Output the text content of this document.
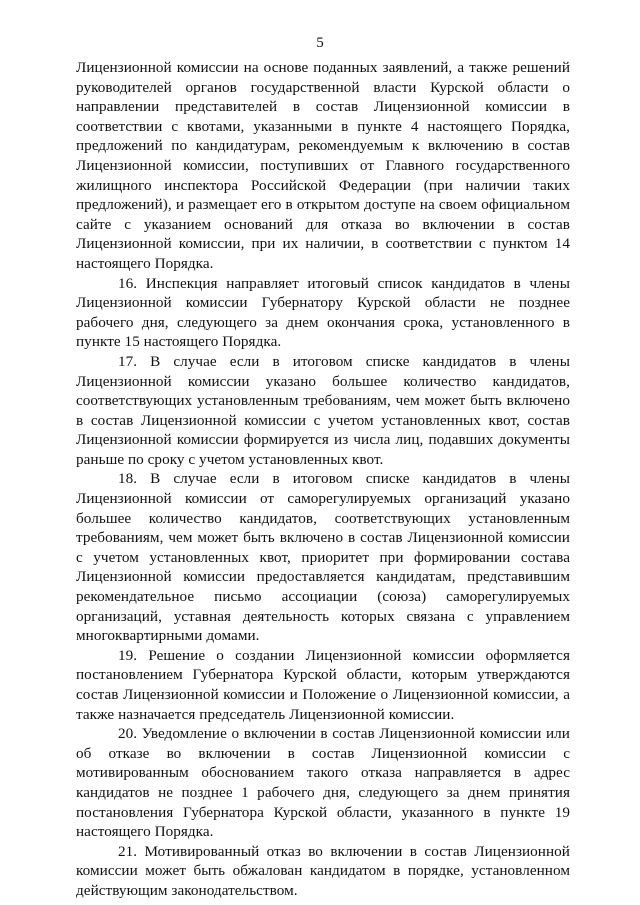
5

Лицензионной комиссии на основе поданных заявлений, а также решений руководителей органов государственной власти Курской области о направлении представителей в состав Лицензионной комиссии в соответствии с квотами, указанными в пункте 4 настоящего Порядка, предложений по кандидатурам, рекомендуемым к включению в состав Лицензионной комиссии, поступивших от Главного государственного жилищного инспектора Российской Федерации (при наличии таких предложений), и размещает его в открытом доступе на своем официальном сайте с указанием оснований для отказа во включении в состав Лицензионной комиссии, при их наличии, в соответствии с пунктом 14 настоящего Порядка.

16. Инспекция направляет итоговый список кандидатов в члены Лицензионной комиссии Губернатору Курской области не позднее рабочего дня, следующего за днем окончания срока, установленного в пункте 15 настоящего Порядка.

17. В случае если в итоговом списке кандидатов в члены Лицензионной комиссии указано большее количество кандидатов, соответствующих установленным требованиям, чем может быть включено в состав Лицензионной комиссии с учетом установленных квот, состав Лицензионной комиссии формируется из числа лиц, подавших документы раньше по сроку с учетом установленных квот.

18. В случае если в итоговом списке кандидатов в члены Лицензионной комиссии от саморегулируемых организаций указано большее количество кандидатов, соответствующих установленным требованиям, чем может быть включено в состав Лицензионной комиссии с учетом установленных квот, приоритет при формировании состава Лицензионной комиссии предоставляется кандидатам, представившим рекомендательное письмо ассоциации (союза) саморегулируемых организаций, уставная деятельность которых связана с управлением многоквартирными домами.

19. Решение о создании Лицензионной комиссии оформляется постановлением Губернатора Курской области, которым утверждаются состав Лицензионной комиссии и Положение о Лицензионной комиссии, а также назначается председатель Лицензионной комиссии.

20. Уведомление о включении в состав Лицензионной комиссии или об отказе во включении в состав Лицензионной комиссии с мотивированным обоснованием такого отказа направляется в адрес кандидатов не позднее 1 рабочего дня, следующего за днем принятия постановления Губернатора Курской области, указанного в пункте 19 настоящего Порядка.

21. Мотивированный отказ во включении в состав Лицензионной комиссии может быть обжалован кандидатом в порядке, установленном действующим законодательством.
